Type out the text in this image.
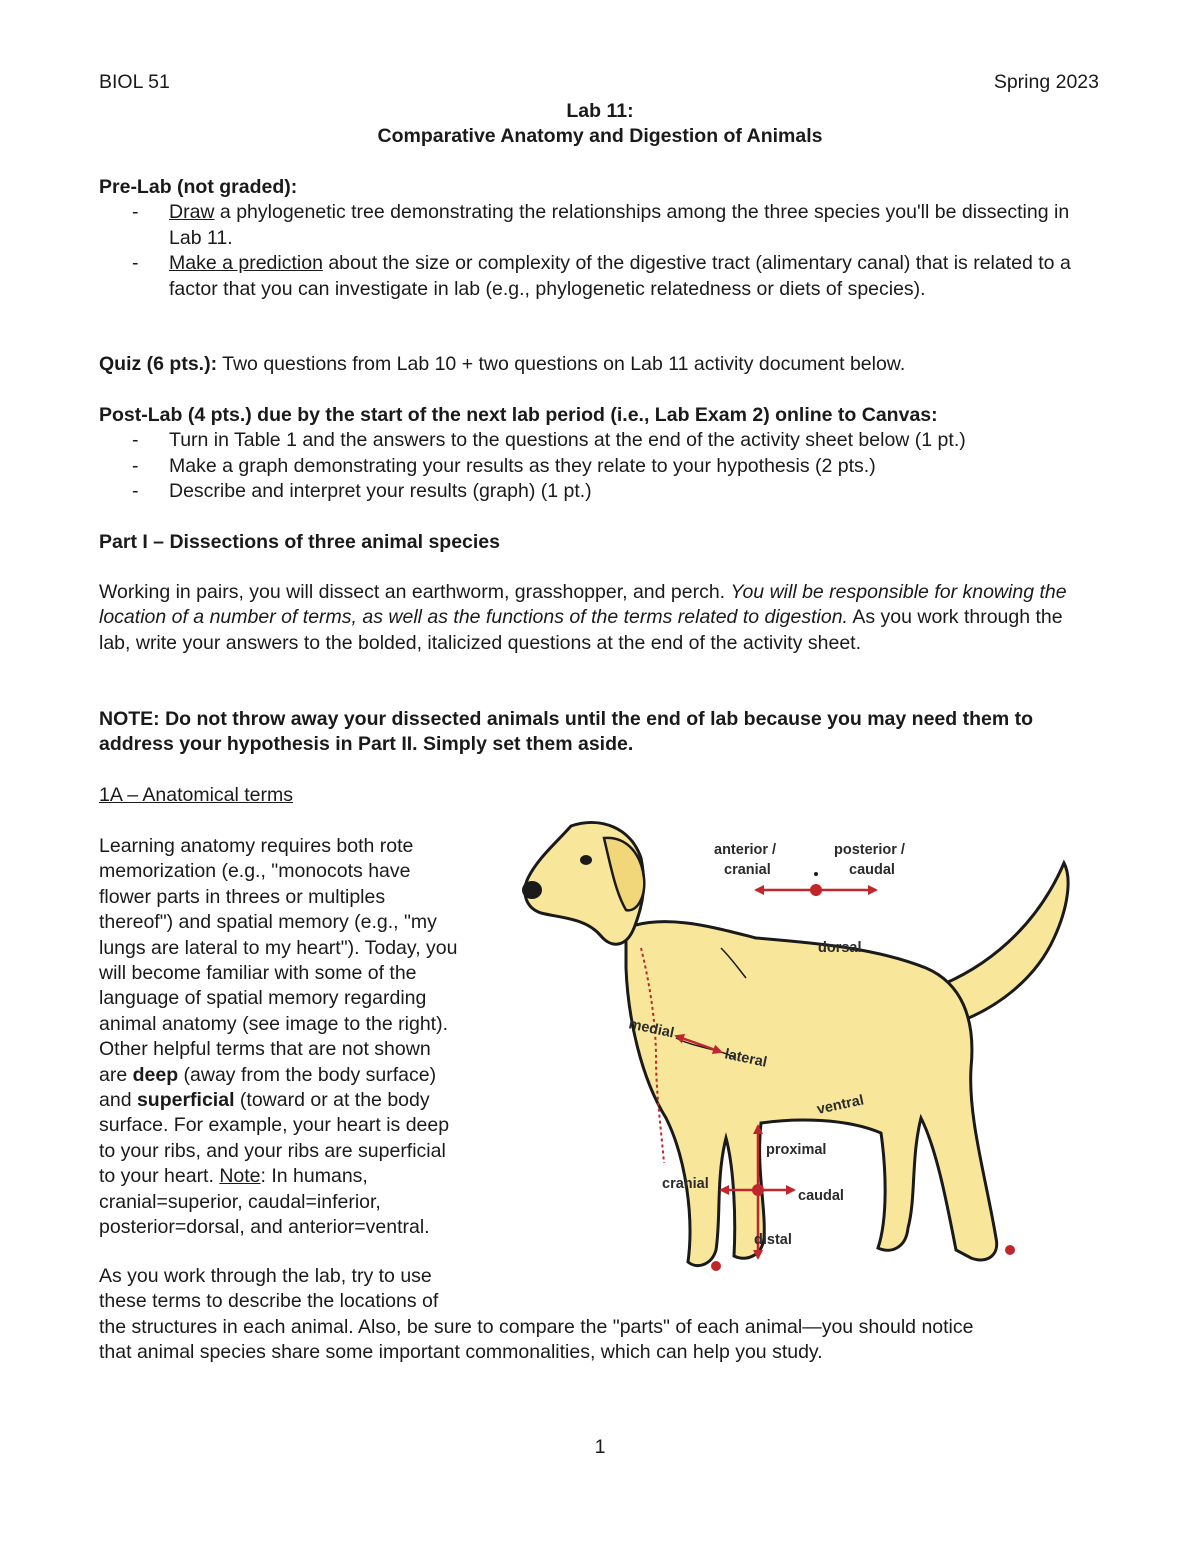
BIOL 51	Spring 2023
Lab 11:
Comparative Anatomy and Digestion of Animals

Pre-Lab (not graded):

- Draw a phylogenetic tree demonstrating the relationships among the three species you'll be dissecting in Lab 11.
- Make a prediction about the size or complexity of the digestive tract (alimentary canal) that is related to a factor that you can investigate in lab (e.g., phylogenetic relatedness or diets of species).
Quiz (6 pts.): Two questions from Lab 10 + two questions on Lab 11 activity document below.

Post-Lab (4 pts.) due by the start of the next lab period (i.e., Lab Exam 2) online to Canvas:

- Turn in Table 1 and the answers to the questions at the end of the activity sheet below (1 pt.)
- Make a graph demonstrating your results as they relate to your hypothesis (2 pts.)
- Describe and interpret your results (graph) (1 pt.)
Part I – Dissections of three animal species
Working in pairs, you will dissect an earthworm, grasshopper, and perch. You will be responsible for knowing the location of a number of terms, as well as the functions of the terms related to digestion. As you work through the lab, write your answers to the bolded, italicized questions at the end of the activity sheet.
NOTE: Do not throw away your dissected animals until the end of lab because you may need them to address your hypothesis in Part II. Simply set them aside.
1A – Anatomical terms
Learning anatomy requires both rote
memorization (e.g., "monocots have
flower parts in threes or multiples
thereof") and spatial memory (e.g., "my
lungs are lateral to my heart"). Today, you
will become familiar with some of the
language of spatial memory regarding
animal anatomy (see image to the right).
Other helpful terms that are not shown
are deep (away from the body surface)
and superficial (toward or at the body
surface. For example, your heart is deep
to your ribs, and your ribs are superficial
to your heart. Note: In humans,
cranial=superior, caudal=inferior,
posterior=dorsal, and anterior=ventral.
As you work through the lab, try to use
these terms to describe the locations of
the structures in each animal. Also, be sure to compare the "parts" of each animal—you should notice
that animal species share some important commonalities, which can help you study.
anterior /
cranial
posterior /
caudal
dorsal
medial
lateral
ventral
proximal
cranial
caudal
distal
1
